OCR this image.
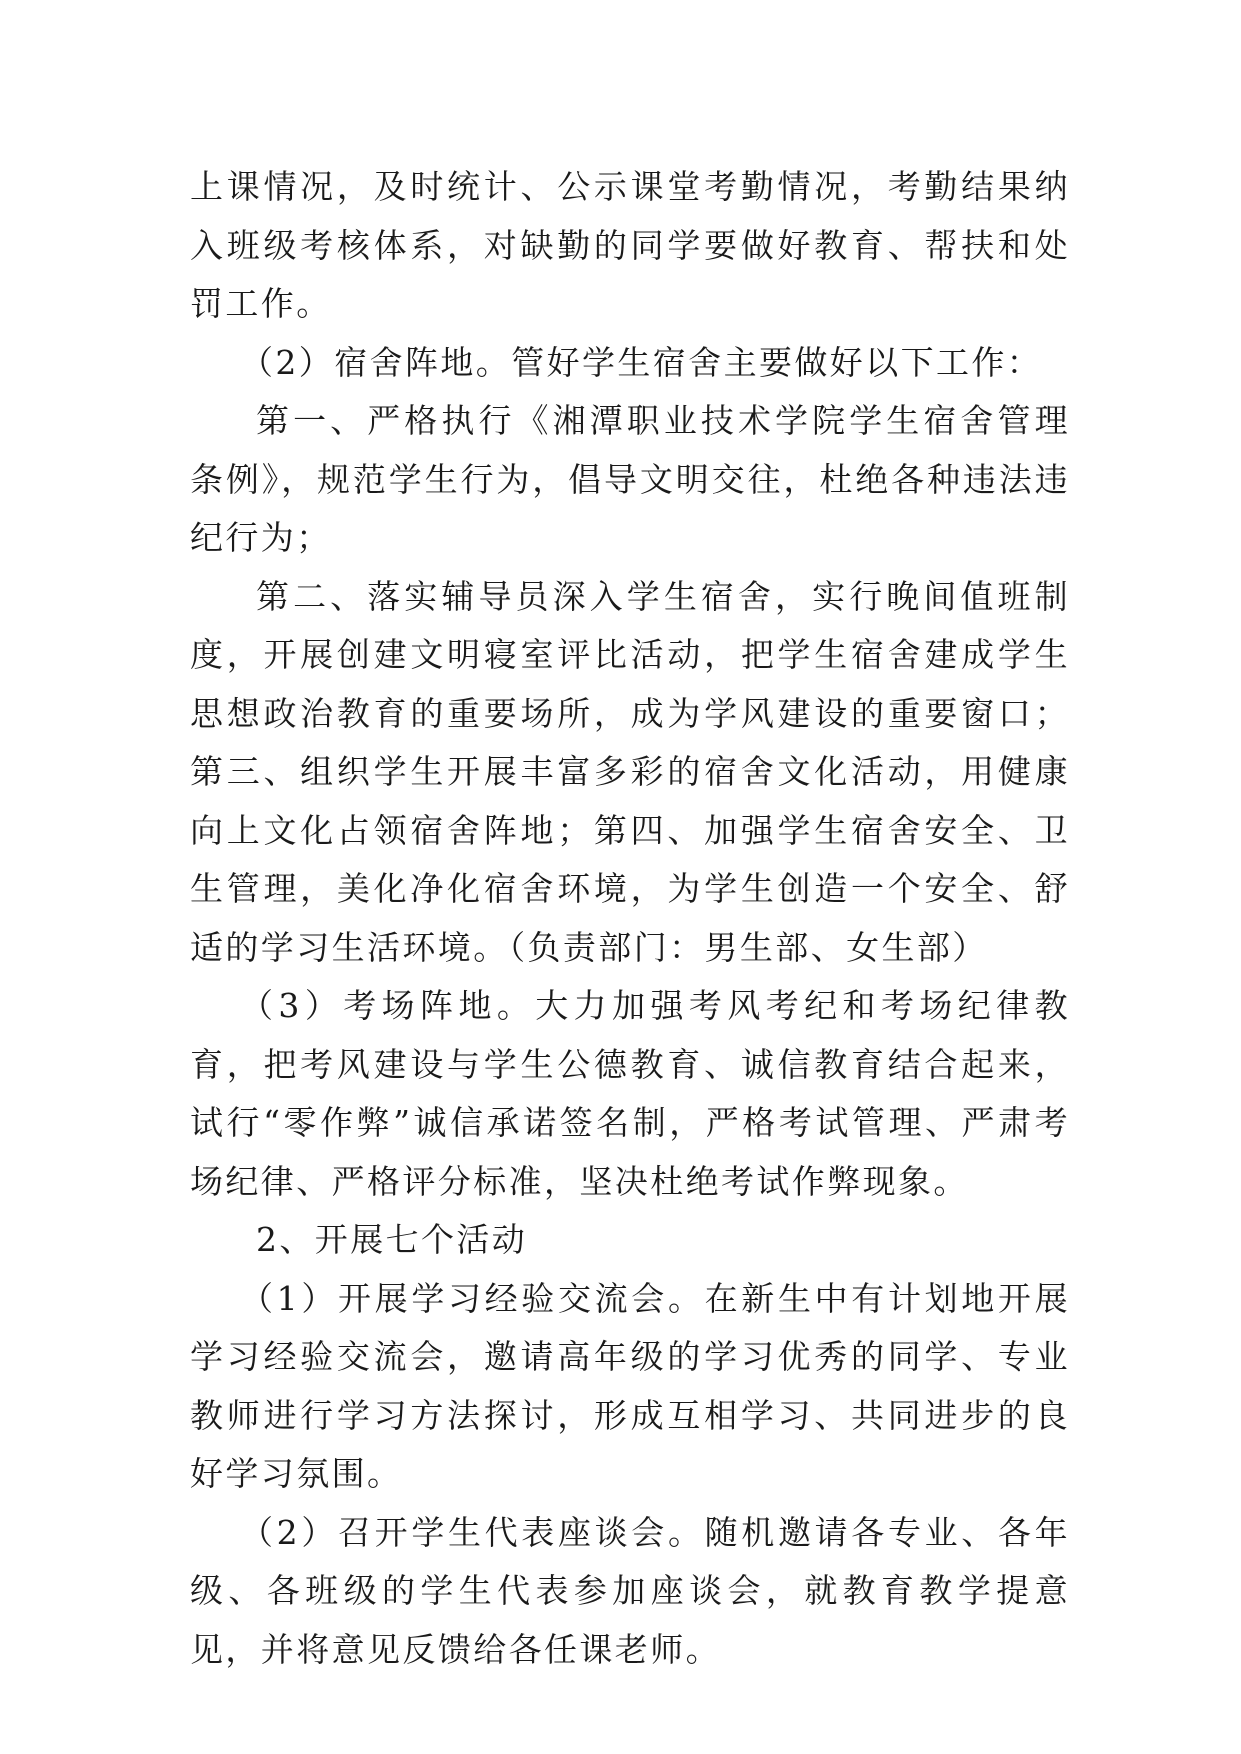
上课情况，及时统计、公示课堂考勤情况，考勤结果纳入班级考核体系，对缺勤的同学要做好教育、帮扶和处罚工作。

（2）宿舍阵地。管好学生宿舍主要做好以下工作：

第一、严格执行《湘潭职业技术学院学生宿舍管理条例》，规范学生行为，倡导文明交往，杜绝各种违法违纪行为；

第二、落实辅导员深入学生宿舍，实行晚间值班制度，开展创建文明寝室评比活动，把学生宿舍建成学生思想政治教育的重要场所，成为学风建设的重要窗口；第三、组织学生开展丰富多彩的宿舍文化活动，用健康向上文化占领宿舍阵地；第四、加强学生宿舍安全、卫生管理，美化净化宿舍环境，为学生创造一个安全、舒适的学习生活环境。（负责部门：男生部、女生部）

（3）考场阵地。大力加强考风考纪和考场纪律教育，把考风建设与学生公德教育、诚信教育结合起来，试行“零作弊”诚信承诺签名制，严格考试管理、严肃考场纪律、严格评分标准，坚决杜绝考试作弊现象。

2、开展七个活动

（1）开展学习经验交流会。在新生中有计划地开展学习经验交流会，邀请高年级的学习优秀的同学、专业教师进行学习方法探讨，形成互相学习、共同进步的良好学习氛围。

（2）召开学生代表座谈会。随机邀请各专业、各年级、各班级的学生代表参加座谈会，就教育教学提意见，并将意见反馈给各任课老师。
